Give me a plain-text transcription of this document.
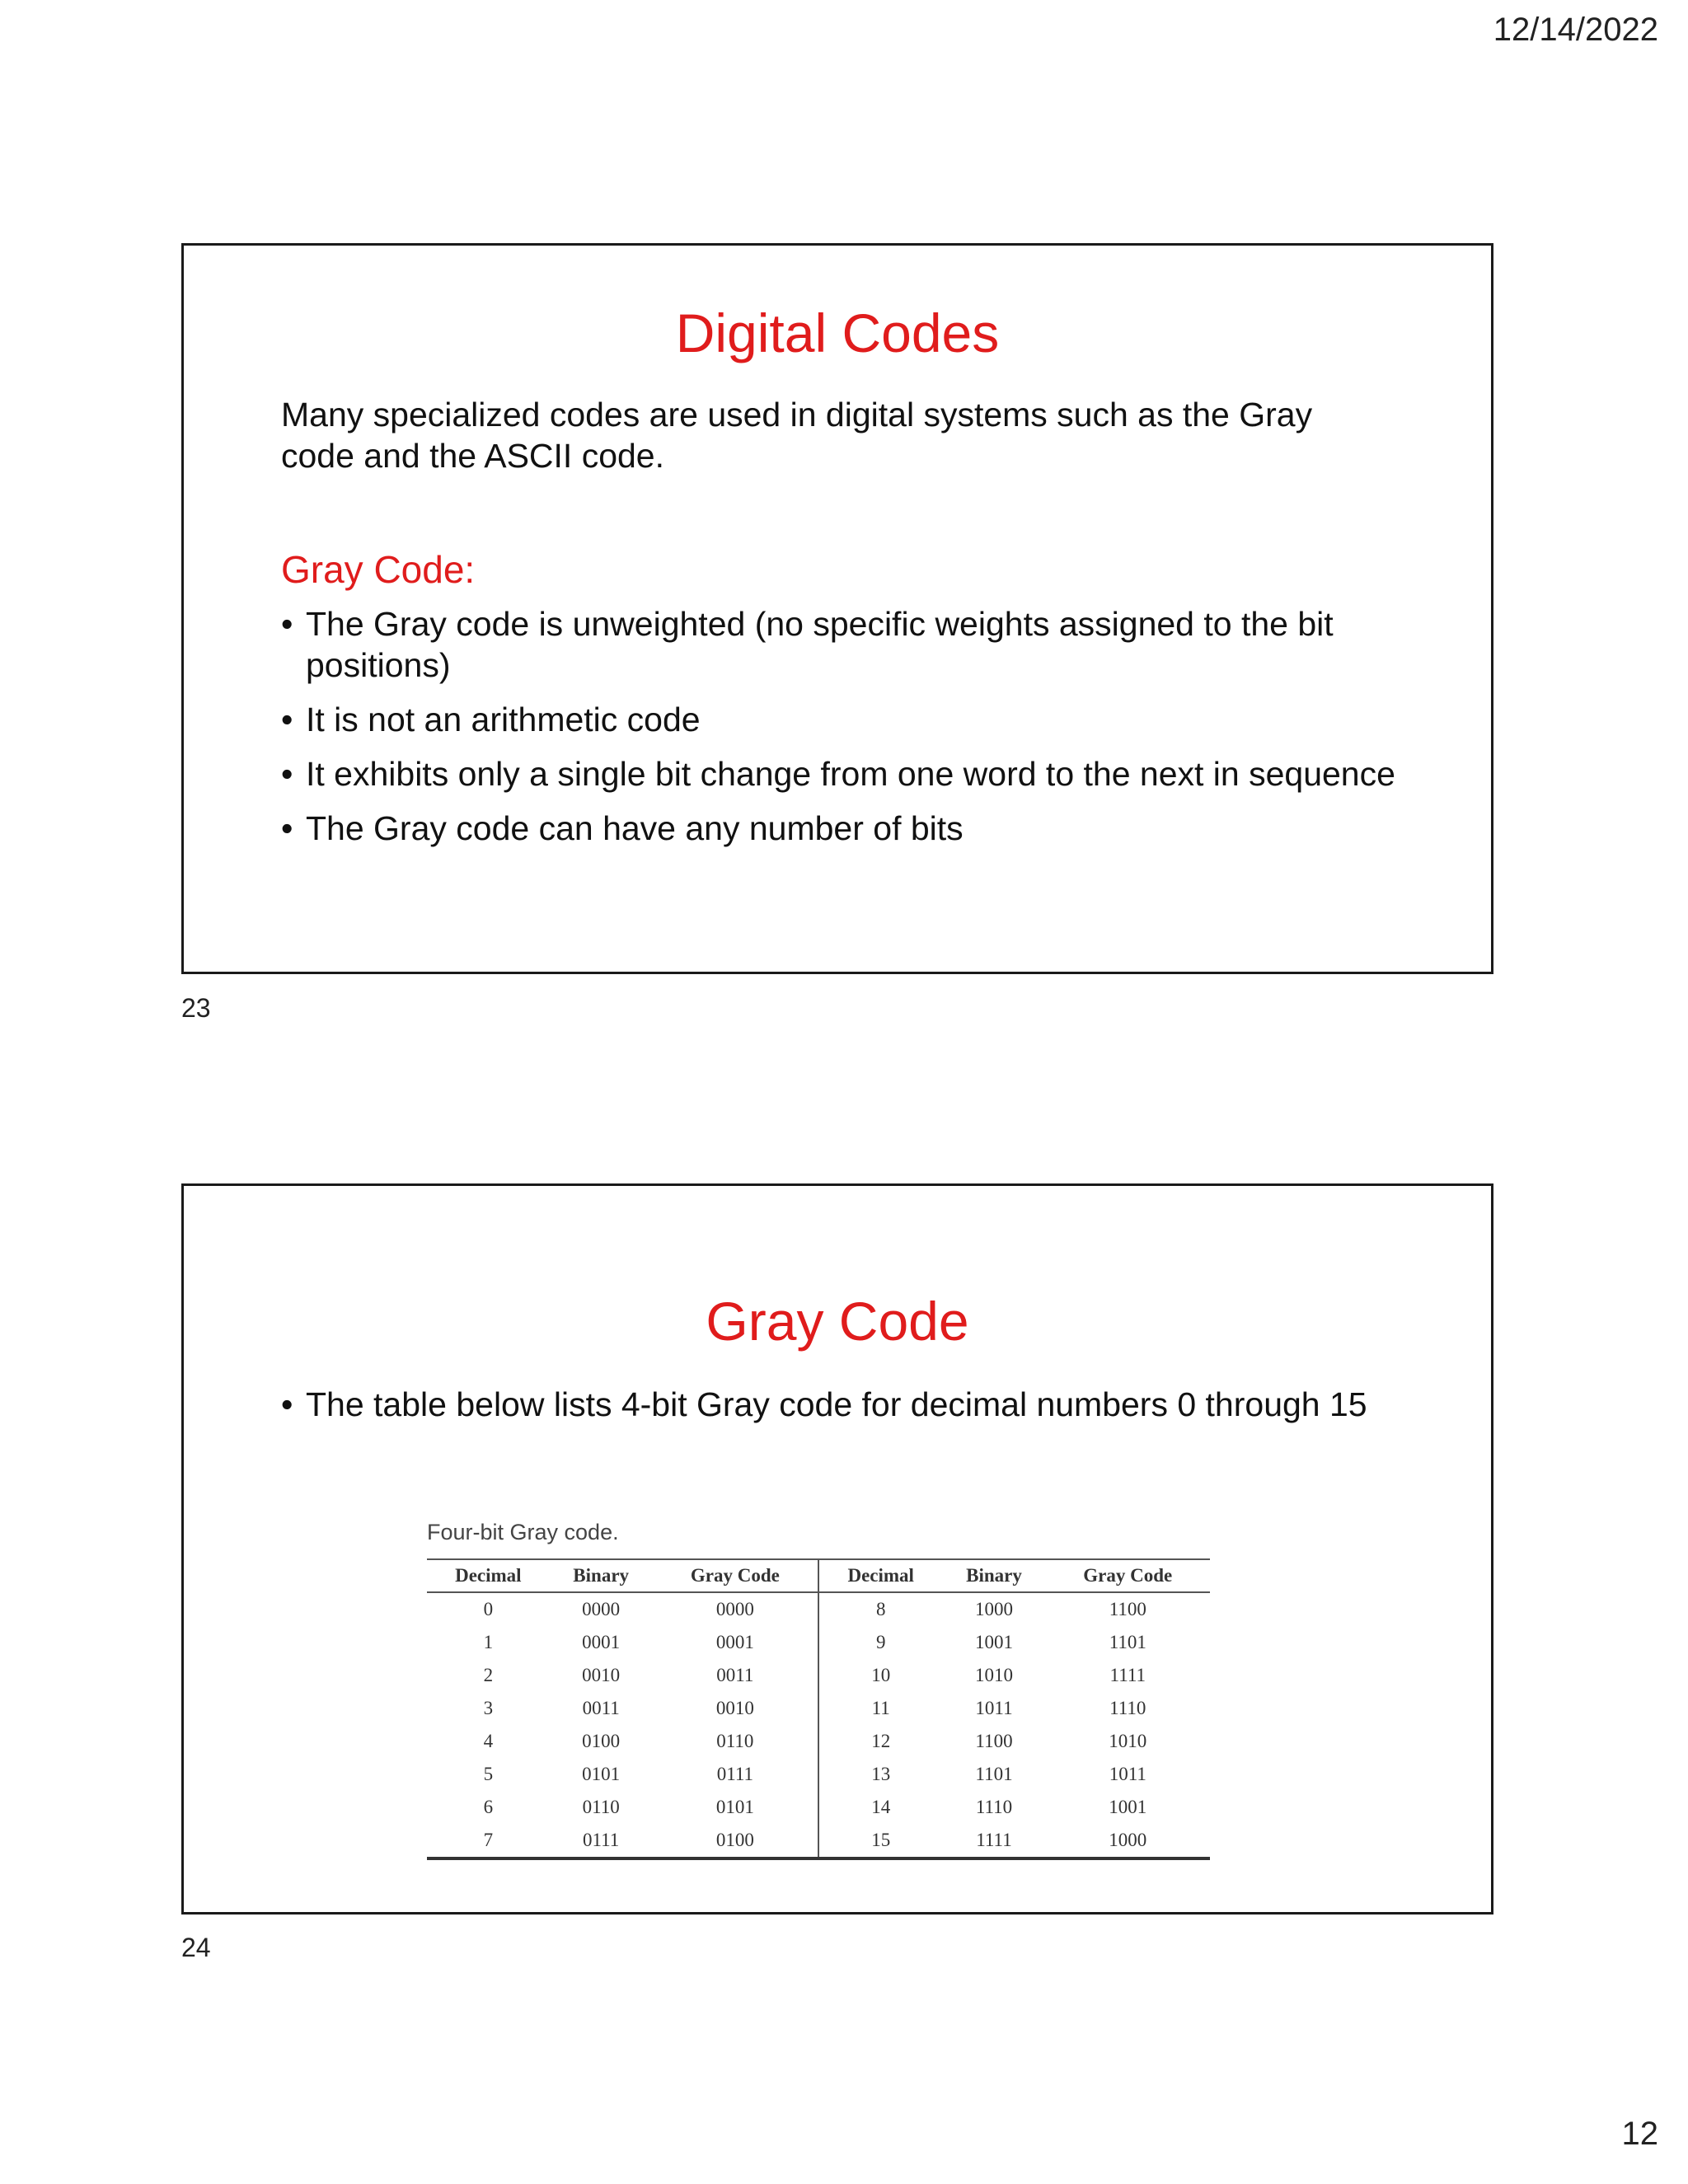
12/14/2022
Digital Codes

Many specialized codes are used in digital systems such as the Gray code and the ASCII code.

Gray Code:
• The Gray code is unweighted (no specific weights assigned to the bit positions)
• It is not an arithmetic code
• It exhibits only a single bit change from one word to the next in sequence
• The Gray code can have any number of bits
23
Gray Code
• The table below lists 4-bit Gray code for decimal numbers 0 through 15
Four-bit Gray code.
Decimal	Binary	Gray Code	Decimal	Binary	Gray Code
0	0000	0000	8	1000	1100
1	0001	0001	9	1001	1101
2	0010	0011	10	1010	1111
3	0011	0010	11	1011	1110
4	0100	0110	12	1100	1010
5	0101	0111	13	1101	1011
6	0110	0101	14	1110	1001
7	0111	0100	15	1111	1000
24
12
